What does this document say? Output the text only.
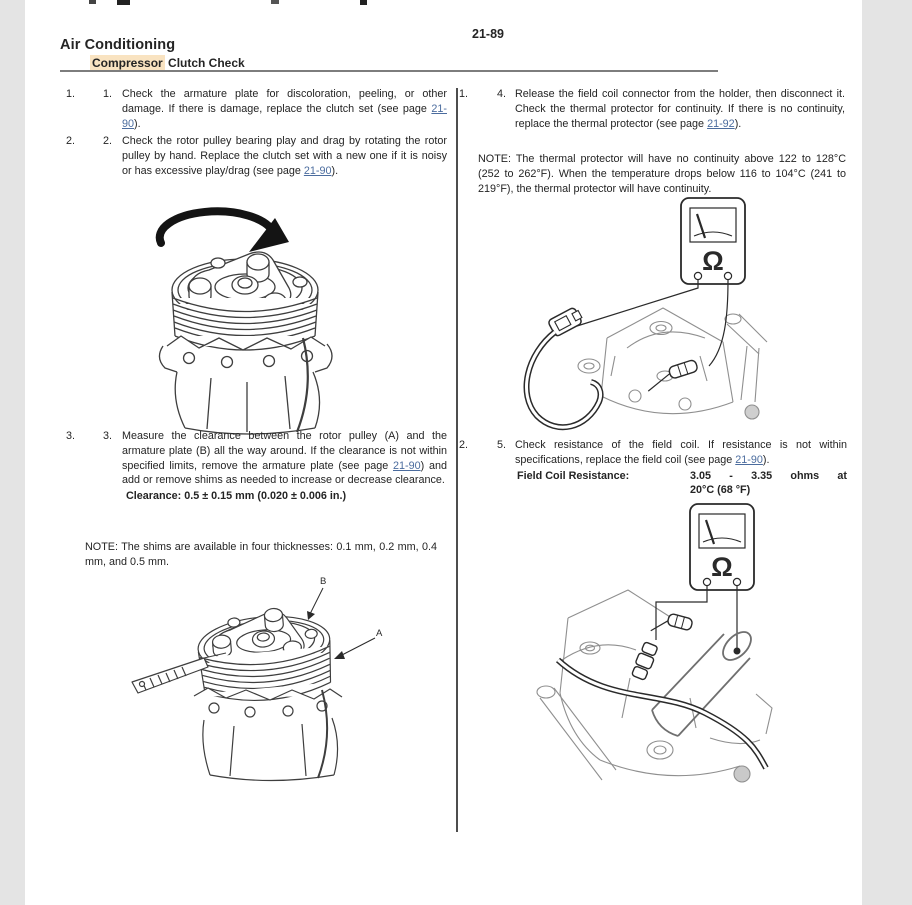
21-89
Air Conditioning
Compressor Clutch Check
1.	1. Check the armature plate for discoloration, peeling, or other damage. If there is damage, replace the clutch set (see page 21-90).
2.	2. Check the rotor pulley bearing play and drag by rotating the rotor pulley by hand. Replace the clutch set with a new one if it is noisy or has excessive play/drag (see page 21-90).
3.	3. Measure the clearance between the rotor pulley (A) and the armature plate (B) all the way around. If the clearance is not within specified limits, remove the armature plate (see page 21-90) and add or remove shims as needed to increase or decrease clearance.
Clearance: 0.5 ± 0.15 mm (0.020 ± 0.006 in.)
NOTE: The shims are available in four thicknesses: 0.1 mm, 0.2 mm, 0.4 mm, and 0.5 mm.
B
A
1.	4. Release the field coil connector from the holder, then disconnect it. Check the thermal protector for continuity. If there is no continuity, replace the thermal protector (see page 21-92).
NOTE: The thermal protector will have no continuity above 122 to 128°C (252 to 262°F). When the temperature drops below 116 to 104°C (241 to 219°F), the thermal protector will have continuity.
Ω
2.	5. Check resistance of the field coil. If resistance is not within specifications, replace the field coil (see page 21-90).
Field Coil Resistance:	3.05 - 3.35 ohms at
20°C (68 °F)
Ω
